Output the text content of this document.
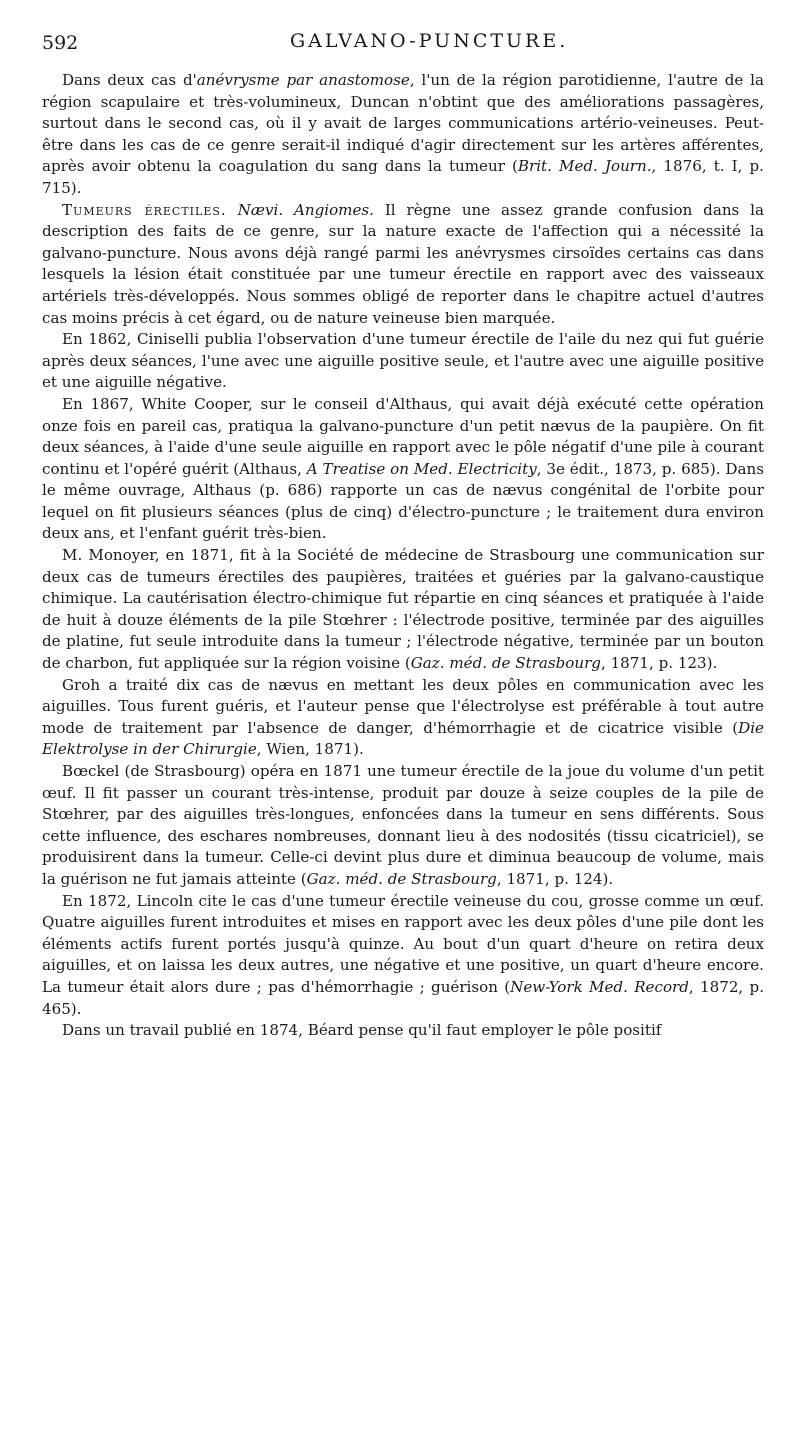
592	GALVANO-PUNCTURE.

Dans deux cas d'anévrysme par anastomose, l'un de la région parotidienne, l'autre de la région scapulaire et très-volumineux, Duncan n'obtint que des améliorations passagères, surtout dans le second cas, où il y avait de larges communications artério-veineuses. Peut-être dans les cas de ce genre serait-il indiqué d'agir directement sur les artères afférentes, après avoir obtenu la coagulation du sang dans la tumeur (Brit. Med. Journ., 1876, t. I, p. 715).

Tumeurs érectiles. Nævi. Angiomes. Il règne une assez grande confusion dans la description des faits de ce genre, sur la nature exacte de l'affection qui a nécessité la galvano-puncture. Nous avons déjà rangé parmi les anévrysmes cirsoïdes certains cas dans lesquels la lésion était constituée par une tumeur érectile en rapport avec des vaisseaux artériels très-développés. Nous sommes obligé de reporter dans le chapitre actuel d'autres cas moins précis à cet égard, ou de nature veineuse bien marquée.

En 1862, Ciniselli publia l'observation d'une tumeur érectile de l'aile du nez qui fut guérie après deux séances, l'une avec une aiguille positive seule, et l'autre avec une aiguille positive et une aiguille négative.

En 1867, White Cooper, sur le conseil d'Althaus, qui avait déjà exécuté cette opération onze fois en pareil cas, pratiqua la galvano-puncture d'un petit nævus de la paupière. On fit deux séances, à l'aide d'une seule aiguille en rapport avec le pôle négatif d'une pile à courant continu et l'opéré guérit (Althaus, A Treatise on Med. Electricity, 3e édit., 1873, p. 685). Dans le même ouvrage, Althaus (p. 686) rapporte un cas de nævus congénital de l'orbite pour lequel on fit plusieurs séances (plus de cinq) d'électro-puncture ; le traitement dura environ deux ans, et l'enfant guérit très-bien.

M. Monoyer, en 1871, fit à la Société de médecine de Strasbourg une communication sur deux cas de tumeurs érectiles des paupières, traitées et guéries par la galvano-caustique chimique. La cautérisation électro-chimique fut répartie en cinq séances et pratiquée à l'aide de huit à douze éléments de la pile Stœhrer : l'électrode positive, terminée par des aiguilles de platine, fut seule introduite dans la tumeur ; l'électrode négative, terminée par un bouton de charbon, fut appliquée sur la région voisine (Gaz. méd. de Strasbourg, 1871, p. 123).

Groh a traité dix cas de nævus en mettant les deux pôles en communication avec les aiguilles. Tous furent guéris, et l'auteur pense que l'électrolyse est préférable à tout autre mode de traitement par l'absence de danger, d'hémorrhagie et de cicatrice visible (Die Elektrolyse in der Chirurgie, Wien, 1871).

Bœckel (de Strasbourg) opéra en 1871 une tumeur érectile de la joue du volume d'un petit œuf. Il fit passer un courant très-intense, produit par douze à seize couples de la pile de Stœhrer, par des aiguilles très-longues, enfoncées dans la tumeur en sens différents. Sous cette influence, des eschares nombreuses, donnant lieu à des nodosités (tissu cicatriciel), se produisirent dans la tumeur. Celle-ci devint plus dure et diminua beaucoup de volume, mais la guérison ne fut jamais atteinte (Gaz. méd. de Strasbourg, 1871, p. 124).

En 1872, Lincoln cite le cas d'une tumeur érectile veineuse du cou, grosse comme un œuf. Quatre aiguilles furent introduites et mises en rapport avec les deux pôles d'une pile dont les éléments actifs furent portés jusqu'à quinze. Au bout d'un quart d'heure on retira deux aiguilles, et on laissa les deux autres, une négative et une positive, un quart d'heure encore. La tumeur était alors dure ; pas d'hémorrhagie ; guérison (New-York Med. Record, 1872, p. 465).

Dans un travail publié en 1874, Béard pense qu'il faut employer le pôle positif
